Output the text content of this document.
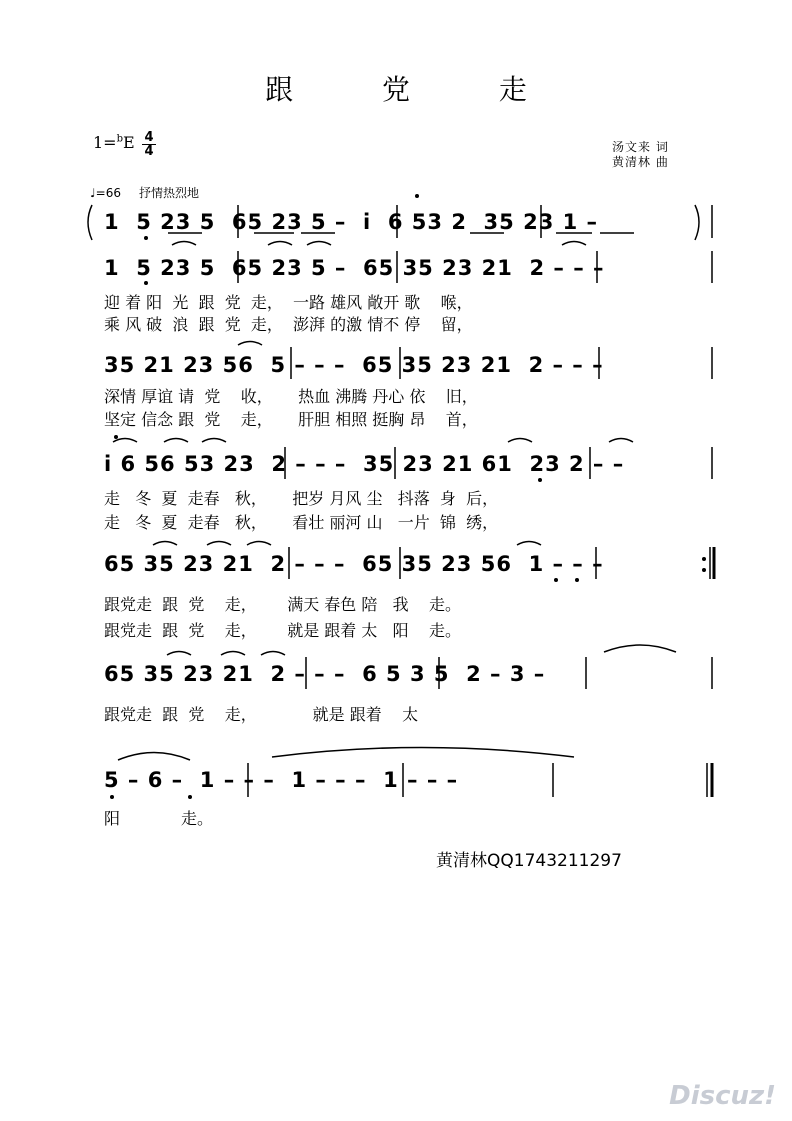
跟 党 走
1=$^b$E 4
4	汤文来 词
黄清林 曲
♩=66 抒情热烈地
1  5 23 5  65 23 5 –  i  6 53 2  35 23 1 –
1  5 23 5  65 23 5 –  65 35 23 21  2 – – –
迎 着 阳  光  跟  党  走，  一路 雄风 敞开 歌    喉，
乘 风 破  浪  跟  党  走，  澎湃 的激 情不 停    留，
35 21 23 56  5 – – –  65 35 23 21  2 – – –
深情 厚谊 请  党    收，     热血 沸腾 丹心 依    旧，
坚定 信念 跟  党    走，     肝胆 相照 挺胸 昂    首，
i 6 56 53 23  2 – – –  35 23 21 61  23 2 – –
走   冬  夏  走春   秋，     把岁 月风 尘   抖落  身  后，
走   冬  夏  走春   秋，     看壮 丽河 山   一片  锦  绣，
65 35 23 21  2 – – –  65 35 23 56  1 – – –
跟党走  跟  党    走，      满天 春色 陪   我    走。
跟党走  跟  党    走，      就是 跟着 太   阳    走。
65 35 23 21  2 – – –  6 5 3 5  2 – 3 –
跟党走  跟  党    走，           就是 跟着    太
5 – 6 –  1 – – –  1 – – –  1 – – –
阳            走。
黄清林QQ1743211297
Discuz!
